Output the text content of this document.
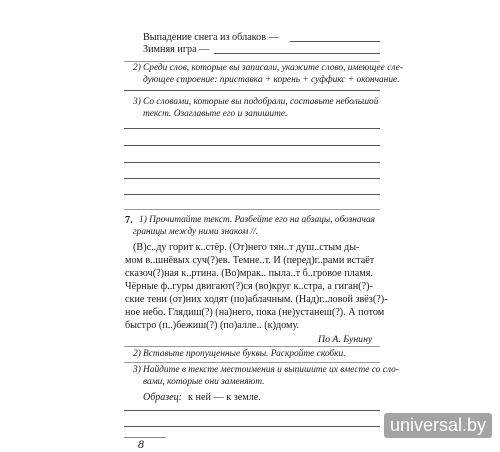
Выпадение снега из облаков —
Зимняя игра —
2) Среди слов, которые вы записали, укажите слово, имеющее сле-
дующее строение: приставка + корень + суффикс + окончание.
3) Со словами, которые вы подобрали, составьте небольшой
текст. Озаглавьте его и запишите.
7. 1) Прочитайте текст. Разбейте его на абзацы, обозначая
границы между ними знаком //.
(В)с..ду горит к..стёр. (От)него тян..т душ..стым ды-
мом в..шнёвых суч(?)ев. Темне..т. И (перед)г..рами встаёт
сказоч(?)ная к..ртина. (Во)мрак.. пыла..т б..гровое пламя.
Чёрные ф..гуры двигают(?)ся (во)круг к..стра, а гиган(?)-
ские тени (от)них ходят (по)аблачным. (Над)г..ловой звёз(?)-
ное небо. Глядиш(?) (на)него, пока (не)устанеш(?). А потом
быстро (п..)бежиш(?) (по)алле.. (к)дому.
По А. Бунину
2) Вставьте пропущенные буквы. Раскройте скобки.
3) Найдите в тексте местоимения и выпишите их вместе со сло-
вами, которые они заменяют.
Образец: к ней — к земле.
8
universal.by
